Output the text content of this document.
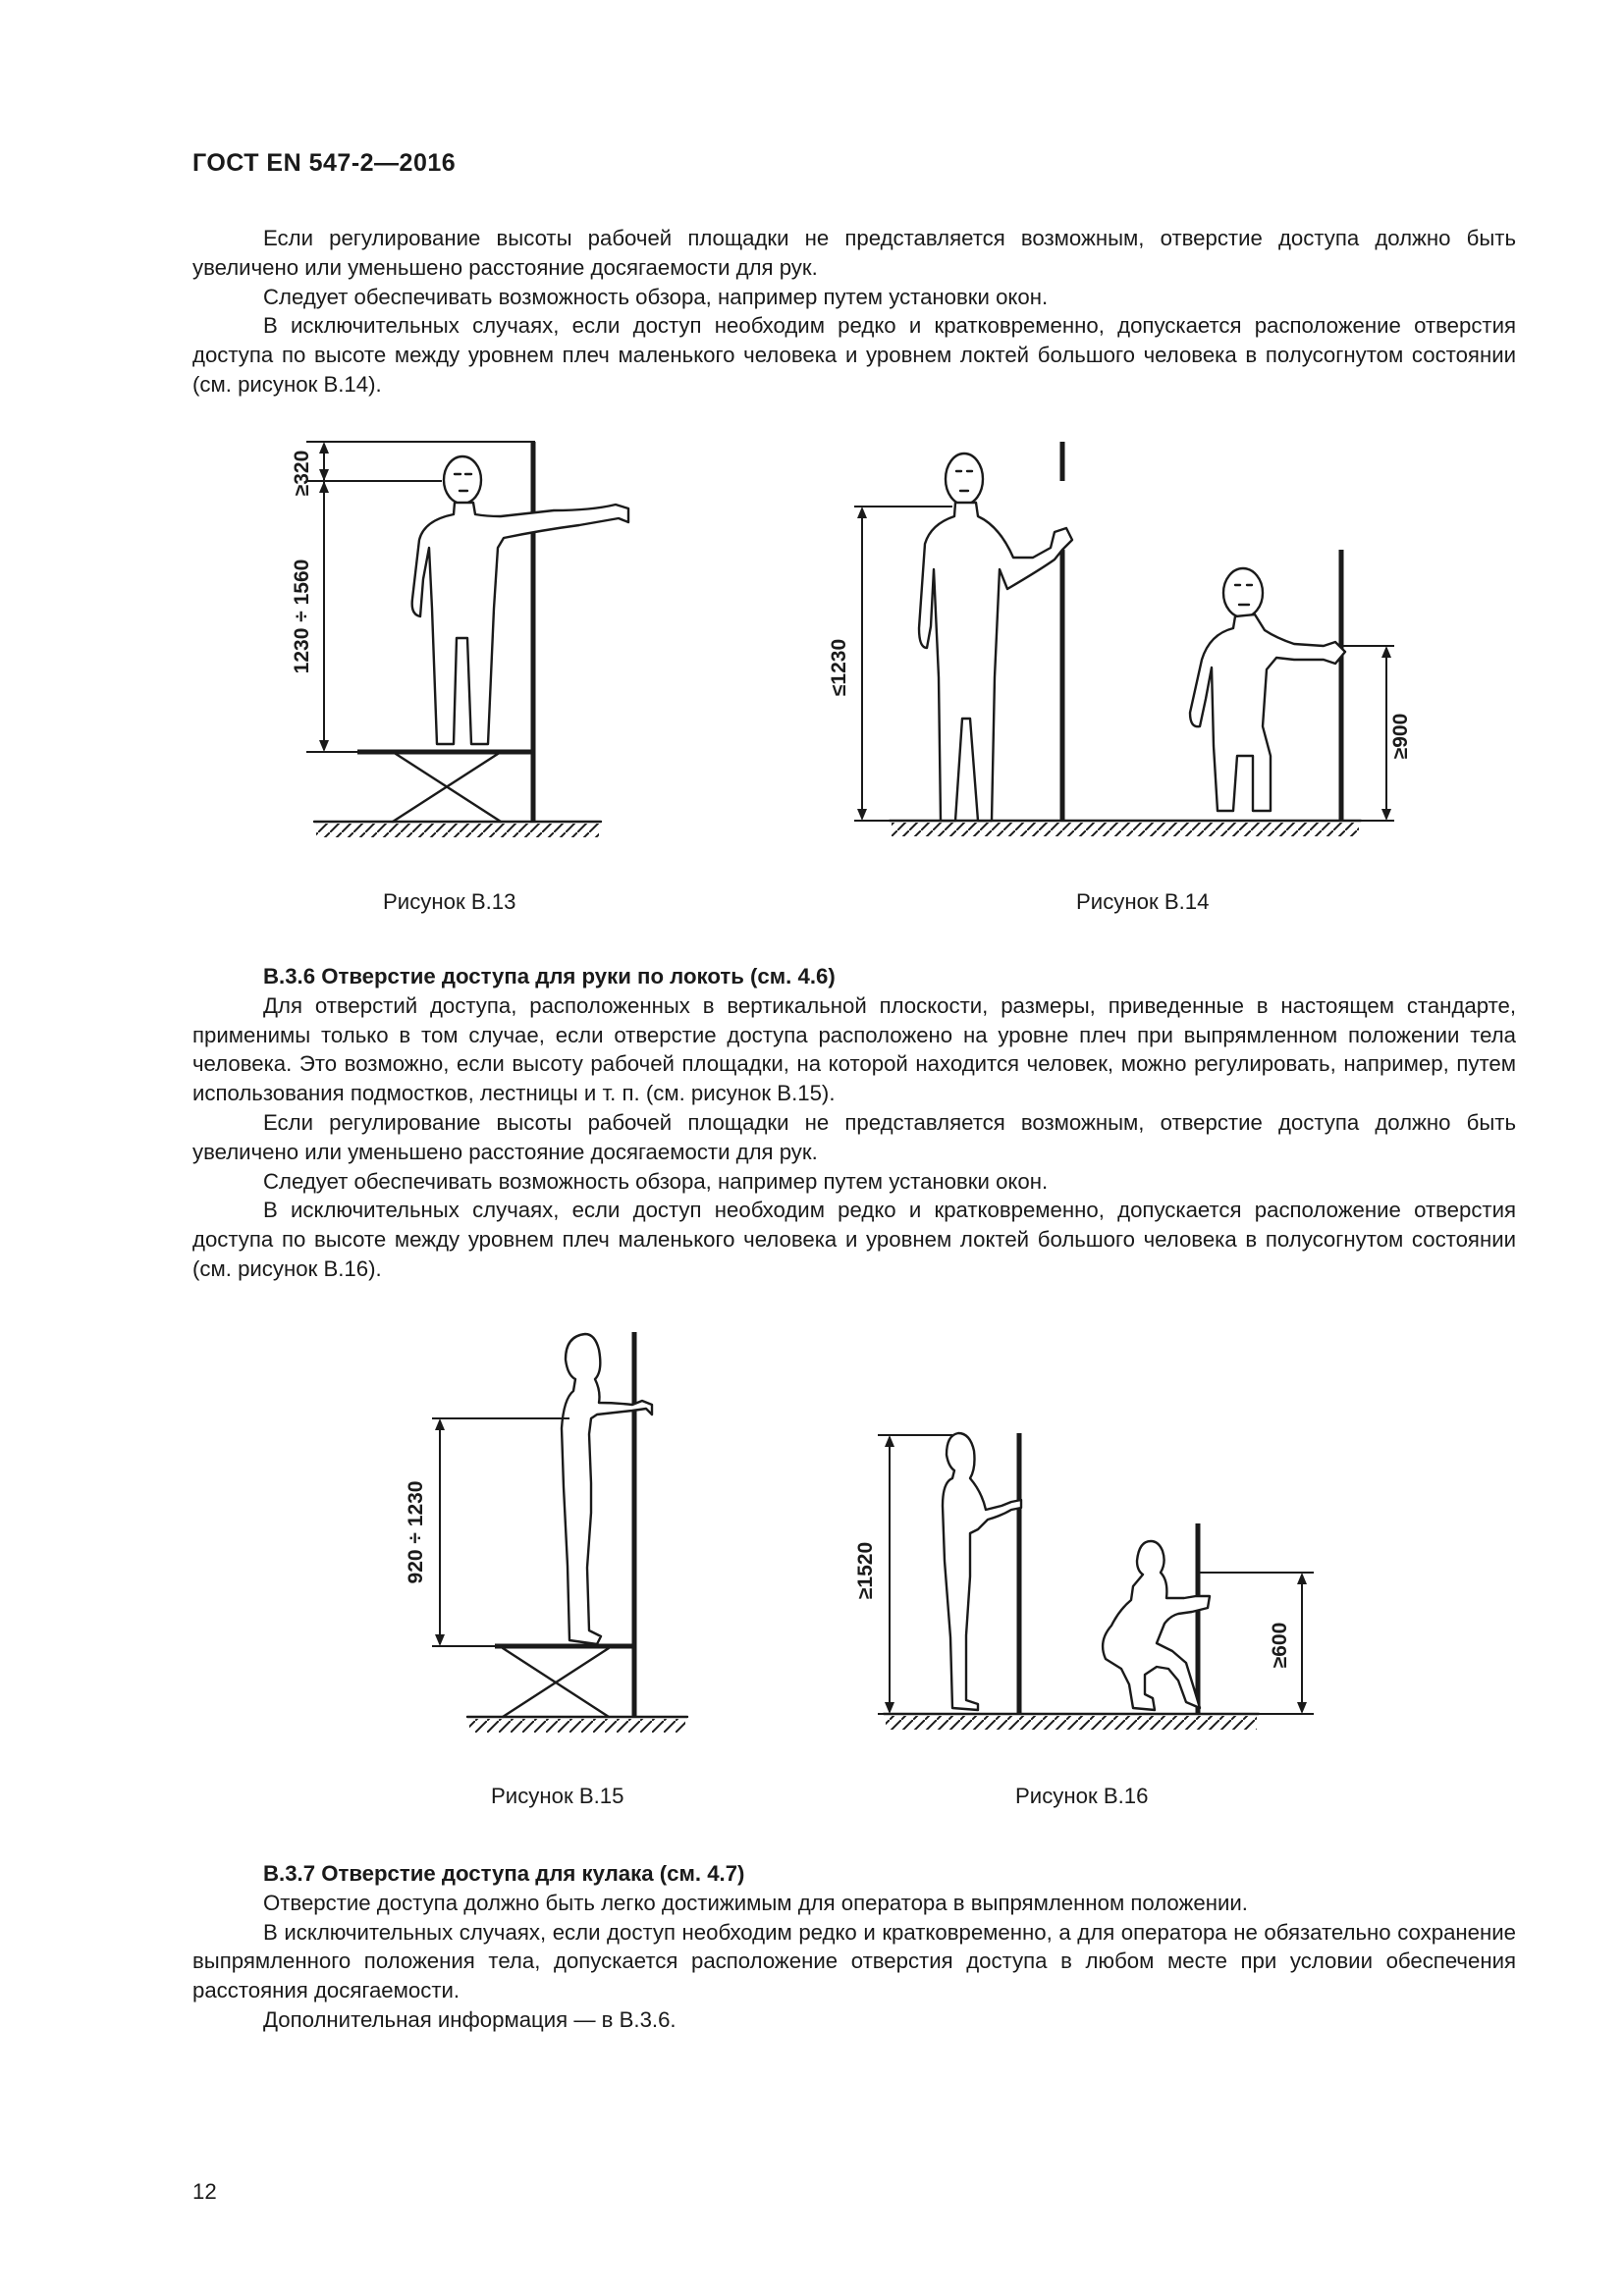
ГОСТ EN 547-2—2016

Если регулирование высоты рабочей площадки не представляется возможным, отверстие доступа должно быть увеличено или уменьшено расстояние досягаемости для рук.

Следует обеспечивать возможность обзора, например путем установки окон.

В исключительных случаях, если доступ необходим редко и кратковременно, допускается расположение отверстия доступа по высоте между уровнем плеч маленького человека и уровнем локтей большого человека в полусогнутом состоянии (см. рисунок В.14).

≥320
1230 ÷ 1560
Рисунок В.13
≤1230
≥900
Рисунок В.14

В.3.6 Отверстие доступа для руки по локоть (см. 4.6)

Для отверстий доступа, расположенных в вертикальной плоскости, размеры, приведенные в настоящем стандарте, применимы только в том случае, если отверстие доступа расположено на уровне плеч при выпрямленном положении тела человека. Это возможно, если высоту рабочей площадки, на которой находится человек, можно регулировать, например, путем использования подмостков, лестницы и т. п. (см. рисунок В.15).

Если регулирование высоты рабочей площадки не представляется возможным, отверстие доступа должно быть увеличено или уменьшено расстояние досягаемости для рук.

Следует обеспечивать возможность обзора, например путем установки окон.

В исключительных случаях, если доступ необходим редко и кратковременно, допускается расположение отверстия доступа по высоте между уровнем плеч маленького человека и уровнем локтей большого человека в полусогнутом состоянии (см. рисунок В.16).

920 ÷ 1230
Рисунок В.15
≥1520
≥600
Рисунок В.16

В.3.7 Отверстие доступа для кулака (см. 4.7)

Отверстие доступа должно быть легко достижимым для оператора в выпрямленном положении.

В исключительных случаях, если доступ необходим редко и кратковременно, а для оператора не обязательно сохранение выпрямленного положения тела, допускается расположение отверстия доступа в любом месте при условии обеспечения расстояния досягаемости.

Дополнительная информация — в В.3.6.

12
